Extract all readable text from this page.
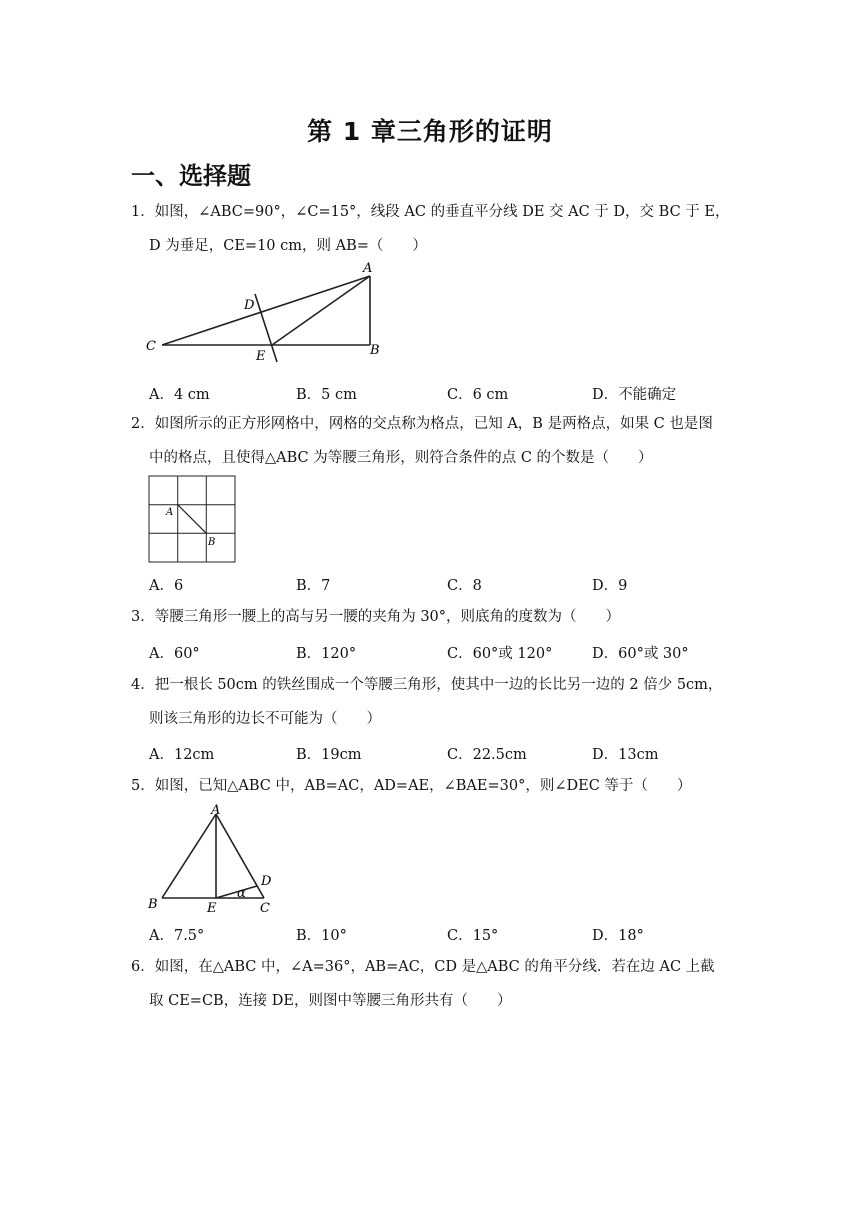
第 1 章三角形的证明
一、选择题
1．如图，∠ABC=90°，∠C=15°，线段 AC 的垂直平分线 DE 交 AC 于 D，交 BC 于 E，
D 为垂足，CE=10 cm，则 AB=（　　）
A
D
C
E	B
A．4 cm	B．5 cm	C．6 cm	D．不能确定
2．如图所示的正方形网格中，网格的交点称为格点，已知 A，B 是两格点，如果 C 也是图
中的格点，且使得△ABC 为等腰三角形，则符合条件的点 C 的个数是（　　）
A
B
A．6	B．7	C．8	D．9
3．等腰三角形一腰上的高与另一腰的夹角为 30°，则底角的度数为（　　）
A．60°	B．120°	C．60°或 120°	D．60°或 30°
4．把一根长 50cm 的铁丝围成一个等腰三角形，使其中一边的长比另一边的 2 倍少 5cm，
则该三角形的边长不可能为（　　）
A．12cm	B．19cm	C．22.5cm	D．13cm
5．如图，已知△ABC 中，AB=AC，AD=AE，∠BAE=30°，则∠DEC 等于（　　）
A
D
α
B	E	C
A．7.5°	B．10°	C．15°	D．18°
6．如图，在△ABC 中，∠A=36°，AB=AC，CD 是△ABC 的角平分线．若在边 AC 上截
取 CE=CB，连接 DE，则图中等腰三角形共有（　　）
